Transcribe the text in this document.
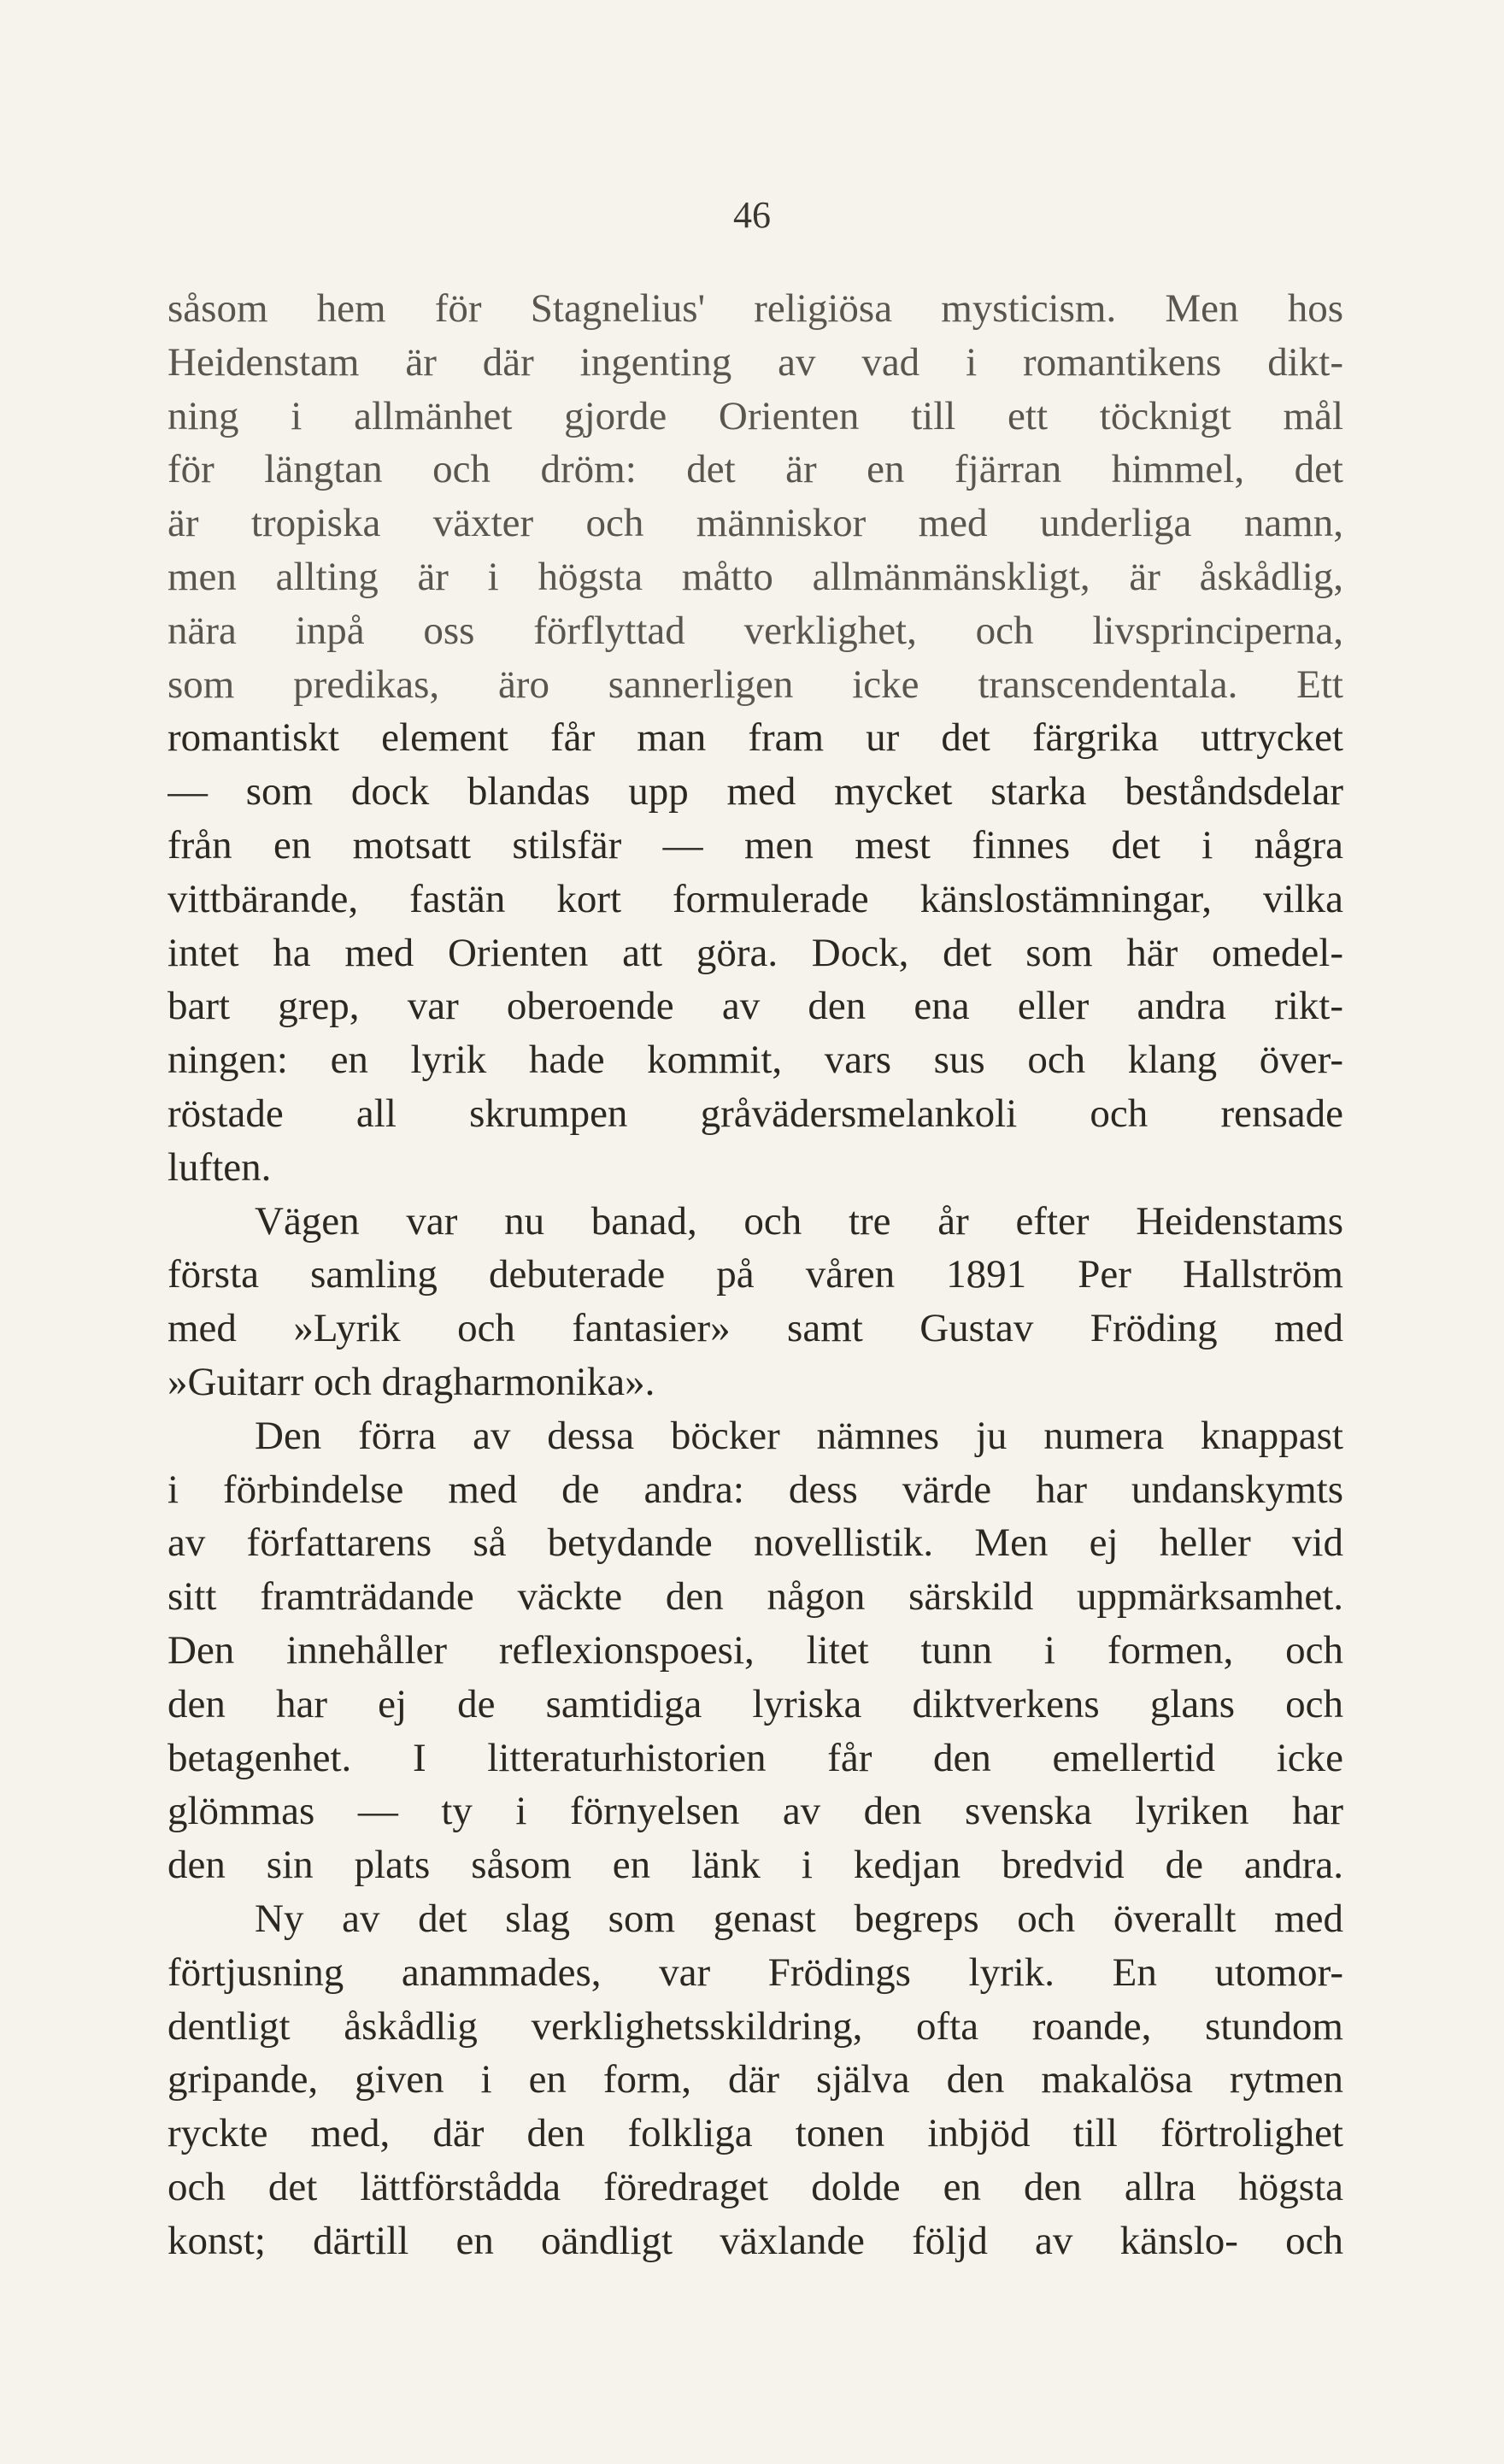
46
såsom hem för Stagnelius' religiösa mysticism. Men hos
Heidenstam är där ingenting av vad i romantikens dikt-
ning i allmänhet gjorde Orienten till ett töcknigt mål
för längtan och dröm: det är en fjärran himmel, det
är tropiska växter och människor med underliga namn,
men allting är i högsta måtto allmänmänskligt, är åskådlig,
nära inpå oss förflyttad verklighet, och livsprinciperna,
som predikas, äro sannerligen icke transcendentala. Ett
romantiskt element får man fram ur det färgrika uttrycket
— som dock blandas upp med mycket starka beståndsdelar
från en motsatt stilsfär — men mest finnes det i några
vittbärande, fastän kort formulerade känslostämningar, vilka
intet ha med Orienten att göra. Dock, det som här omedel-
bart grep, var oberoende av den ena eller andra rikt-
ningen: en lyrik hade kommit, vars sus och klang över-
röstade all skrumpen gråvädersmelankoli och rensade
luften.
Vägen var nu banad, och tre år efter Heidenstams
första samling debuterade på våren 1891 Per Hallström
med »Lyrik och fantasier» samt Gustav Fröding med
»Guitarr och dragharmonika».
Den förra av dessa böcker nämnes ju numera knappast
i förbindelse med de andra: dess värde har undanskymts
av författarens så betydande novellistik. Men ej heller vid
sitt framträdande väckte den någon särskild uppmärksamhet.
Den innehåller reflexionspoesi, litet tunn i formen, och
den har ej de samtidiga lyriska diktverkens glans och
betagenhet. I litteraturhistorien får den emellertid icke
glömmas — ty i förnyelsen av den svenska lyriken har
den sin plats såsom en länk i kedjan bredvid de andra.
Ny av det slag som genast begreps och överallt med
förtjusning anammades, var Frödings lyrik. En utomor-
dentligt åskådlig verklighetsskildring, ofta roande, stundom
gripande, given i en form, där själva den makalösa rytmen
ryckte med, där den folkliga tonen inbjöd till förtrolighet
och det lättförstådda föredraget dolde en den allra högsta
konst; därtill en oändligt växlande följd av känslo- och
